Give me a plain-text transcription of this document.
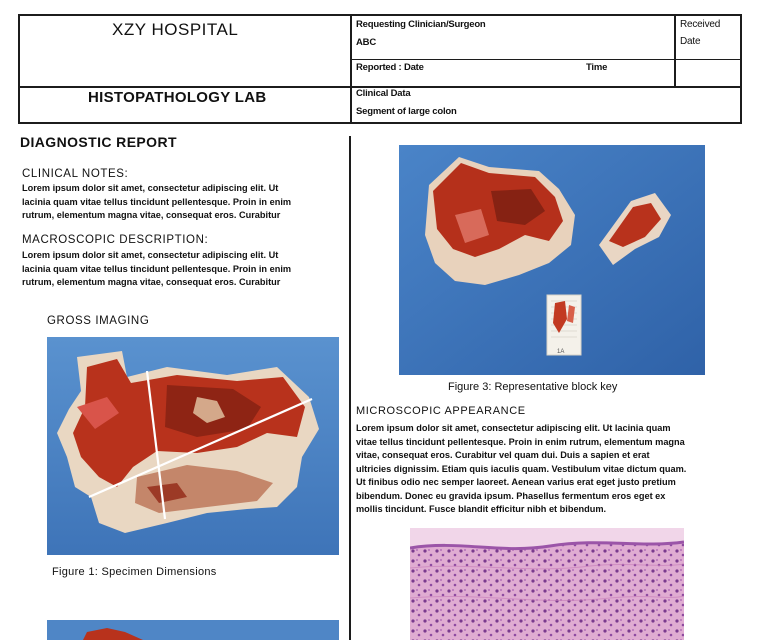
XZY HOSPITAL
HISTOPATHOLOGY LAB
Requesting Clinician/Surgeon
ABC
Received
Date
Reported : Date	Time
Clinical Data
Segment of large colon
DIAGNOSTIC REPORT
CLINICAL NOTES:
Lorem ipsum dolor sit amet, consectetur adipiscing elit. Ut
lacinia quam vitae tellus tincidunt pellentesque. Proin in enim
rutrum, elementum magna vitae, consequat eros. Curabitur
MACROSCOPIC DESCRIPTION:
Lorem ipsum dolor sit amet, consectetur adipiscing elit. Ut
lacinia quam vitae tellus tincidunt pellentesque. Proin in enim
rutrum, elementum magna vitae, consequat eros. Curabitur
GROSS IMAGING
Figure 1: Specimen Dimensions
1A
Figure 3: Representative block key
MICROSCOPIC APPEARANCE
Lorem ipsum dolor sit amet, consectetur adipiscing elit. Ut lacinia quam
vitae tellus tincidunt pellentesque. Proin in enim rutrum, elementum magna
vitae, consequat eros. Curabitur vel quam dui. Duis a sapien et erat
ultricies dignissim. Etiam quis iaculis quam. Vestibulum vitae dictum quam.
Ut finibus odio nec semper laoreet. Aenean varius erat eget justo pretium
bibendum. Donec eu gravida ipsum. Phasellus fermentum eros eget ex
mollis tincidunt. Fusce blandit efficitur nibh et bibendum.
